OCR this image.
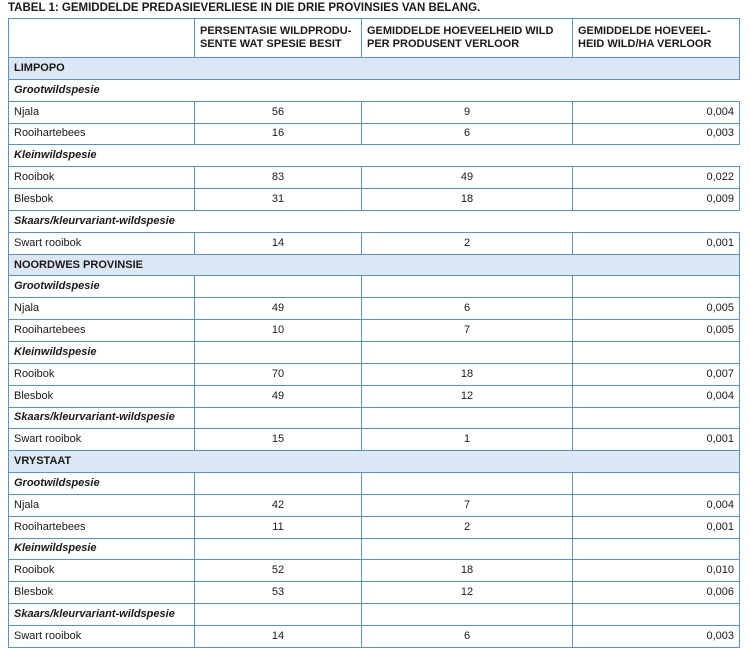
TABEL 1: GEMIDDELDE PREDASIEVERLIESE IN DIE DRIE PROVINSIES VAN BELANG.
	PERSENTASIE WILDPRODU-SENTE WAT SPESIE BESIT	GEMIDDELDE HOEVEELHEID WILD PER PRODUSENT VERLOOR	GEMIDDELDE HOEVEEL-HEID WILD/HA VERLOOR
LIMPOPO			
Grootwildspesie			
Njala	56	9	0,004
Rooihartebees	16	6	0,003
Kleinwildspesie			
Rooibok	83	49	0,022
Blesbok	31	18	0,009
Skaars/kleurvariant-wildspesie			
Swart rooibok	14	2	0,001
NOORDWES PROVINSIE			
Grootwildspesie			
Njala	49	6	0,005
Rooihartebees	10	7	0,005
Kleinwildspesie			
Rooibok	70	18	0,007
Blesbok	49	12	0,004
Skaars/kleurvariant-wildspesie			
Swart rooibok	15	1	0,001
VRYSTAAT			
Grootwildspesie			
Njala	42	7	0,004
Rooihartebees	11	2	0,001
Kleinwildspesie			
Rooibok	52	18	0,010
Blesbok	53	12	0,006
Skaars/kleurvariant-wildspesie			
Swart rooibok	14	6	0,003
